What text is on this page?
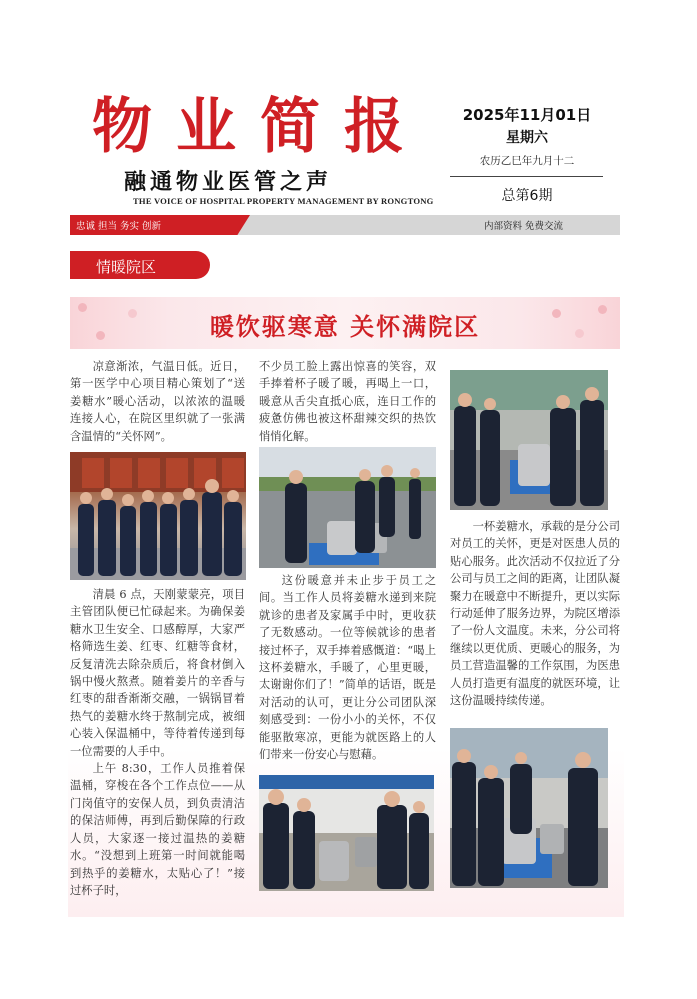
物业简报
融通物业医管之声
THE VOICE OF HOSPITAL PROPERTY MANAGEMENT BY RONGTONG
2025年11月01日
星期六
农历乙巳年九月十二
总第6期
忠诚 担当 务实 创新	内部资料 免费交流
情暖院区
暖饮驱寒意 关怀满院区

凉意渐浓，气温日低。近日，第一医学中心项目精心策划了“送姜糖水”暖心活动，以浓浓的温暖连接人心，在院区里织就了一张满含温情的“关怀网”。

清晨 6 点，天刚蒙蒙亮，项目主管团队便已忙碌起来。为确保姜糖水卫生安全、口感醇厚，大家严格筛选生姜、红枣、红糖等食材，反复清洗去除杂质后，将食材倒入锅中慢火熬煮。随着姜片的辛香与红枣的甜香渐渐交融，一锅锅冒着热气的姜糖水终于熬制完成，被细心装入保温桶中，等待着传递到每一位需要的人手中。

上午 8:30，工作人员推着保温桶，穿梭在各个工作点位——从门岗值守的安保人员，到负责清洁的保洁师傅，再到后勤保障的行政人员，大家逐一接过温热的姜糖水。“没想到上班第一时间就能喝到热乎的姜糖水，太贴心了！”接过杯子时，

不少员工脸上露出惊喜的笑容，双手捧着杯子暖了暖，再喝上一口，暖意从舌尖直抵心底，连日工作的疲惫仿佛也被这杯甜辣交织的热饮悄悄化解。

这份暖意并未止步于员工之间。当工作人员将姜糖水递到来院就诊的患者及家属手中时，更收获了无数感动。一位等候就诊的患者接过杯子，双手捧着感慨道：“喝上这杯姜糖水，手暖了，心里更暖，太谢谢你们了！”简单的话语，既是对活动的认可，更让分公司团队深刻感受到：一份小小的关怀，不仅能驱散寒凉，更能为就医路上的人们带来一份安心与慰藉。

一杯姜糖水，承载的是分公司对员工的关怀，更是对医患人员的贴心服务。此次活动不仅拉近了分公司与员工之间的距离，让团队凝聚力在暖意中不断提升，更以实际行动延伸了服务边界，为院区增添了一份人文温度。未来，分公司将继续以更优质、更暖心的服务，为员工营造温馨的工作氛围，为医患人员打造更有温度的就医环境，让这份温暖持续传递。
